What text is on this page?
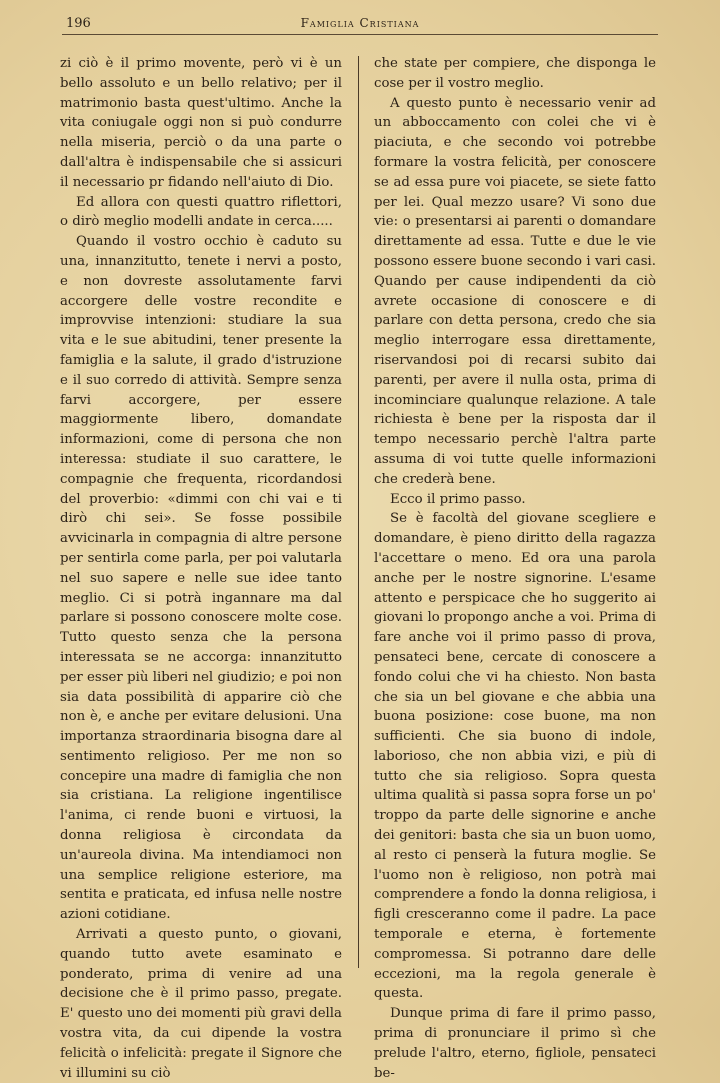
196	Famiglia Cristiana

zi ciò è il primo movente, però vi è un bello assoluto e un bello relativo; per il matrimonio basta quest'ultimo. Anche la vita coniugale oggi non si può condurre nella miseria, perciò o da una parte o dall'altra è indispensabile che si assicuri il necessario pr fidando nell'aiuto di Dio.

Ed allora con questi quattro riflettori, o dirò meglio modelli andate in cerca.....

Quando il vostro occhio è caduto su una, innanzitutto, tenete i nervi a posto, e non dovreste assolutamente farvi accorgere delle vostre recondite e improvvise intenzioni: studiare la sua vita e le sue abitudini, tener presente la famiglia e la salute, il grado d'istruzione e il suo corredo di attività. Sempre senza farvi accorgere, per essere maggiormente libero, domandate informazioni, come di persona che non interessa: studiate il suo carattere, le compagnie che frequenta, ricordandosi del proverbio: «dimmi con chi vai e ti dirò chi sei». Se fosse possibile avvicinarla in compagnia di altre persone per sentirla come parla, per poi valutarla nel suo sapere e nelle sue idee tanto meglio. Ci si potrà ingannare ma dal parlare si possono conoscere molte cose. Tutto questo senza che la persona interessata se ne accorga: innanzitutto per esser più liberi nel giudizio; e poi non sia data possibilità di apparire ciò che non è, e anche per evitare delusioni. Una importanza straordinaria bisogna dare al sentimento religioso. Per me non so concepire una madre di famiglia che non sia cristiana. La religione ingentilisce l'anima, ci rende buoni e virtuosi, la donna religiosa è circondata da un'aureola divina. Ma intendiamoci non una semplice religione esteriore, ma sentita e praticata, ed infusa nelle nostre azioni cotidiane.

Arrivati a questo punto, o giovani, quando tutto avete esaminato e ponderato, prima di venire ad una decisione che è il primo passo, pregate. E' questo uno dei momenti più gravi della vostra vita, da cui dipende la vostra felicità o infelicità: pregate il Signore che vi illumini su ciò

che state per compiere, che disponga le cose per il vostro meglio.

A questo punto è necessario venir ad un abboccamento con colei che vi è piaciuta, e che secondo voi potrebbe formare la vostra felicità, per conoscere se ad essa pure voi piacete, se siete fatto per lei. Qual mezzo usare? Vi sono due vie: o presentarsi ai parenti o domandare direttamente ad essa. Tutte e due le vie possono essere buone secondo i vari casi. Quando per cause indipendenti da ciò avrete occasione di conoscere e di parlare con detta persona, credo che sia meglio interrogare essa direttamente, riservandosi poi di recarsi subito dai parenti, per avere il nulla osta, prima di incominciare qualunque relazione. A tale richiesta è bene per la risposta dar il tempo necessario perchè l'altra parte assuma di voi tutte quelle informazioni che crederà bene.

Ecco il primo passo.

Se è facoltà del giovane scegliere e domandare, è pieno diritto della ragazza l'accettare o meno. Ed ora una parola anche per le nostre signorine. L'esame attento e perspicace che ho suggerito ai giovani lo propongo anche a voi. Prima di fare anche voi il primo passo di prova, pensateci bene, cercate di conoscere a fondo colui che vi ha chiesto. Non basta che sia un bel giovane e che abbia una buona posizione: cose buone, ma non sufficienti. Che sia buono di indole, laborioso, che non abbia vizi, e più di tutto che sia religioso. Sopra questa ultima qualità si passa sopra forse un po' troppo da parte delle signorine e anche dei genitori: basta che sia un buon uomo, al resto ci penserà la futura moglie. Se l'uomo non è religioso, non potrà mai comprendere a fondo la donna religiosa, i figli cresceranno come il padre. La pace temporale e eterna, è fortemente compromessa. Si potranno dare delle eccezioni, ma la regola generale è questa.

Dunque prima di fare il primo passo, prima di pronunciare il primo sì che prelude l'altro, eterno, figliole, pensateci be-
